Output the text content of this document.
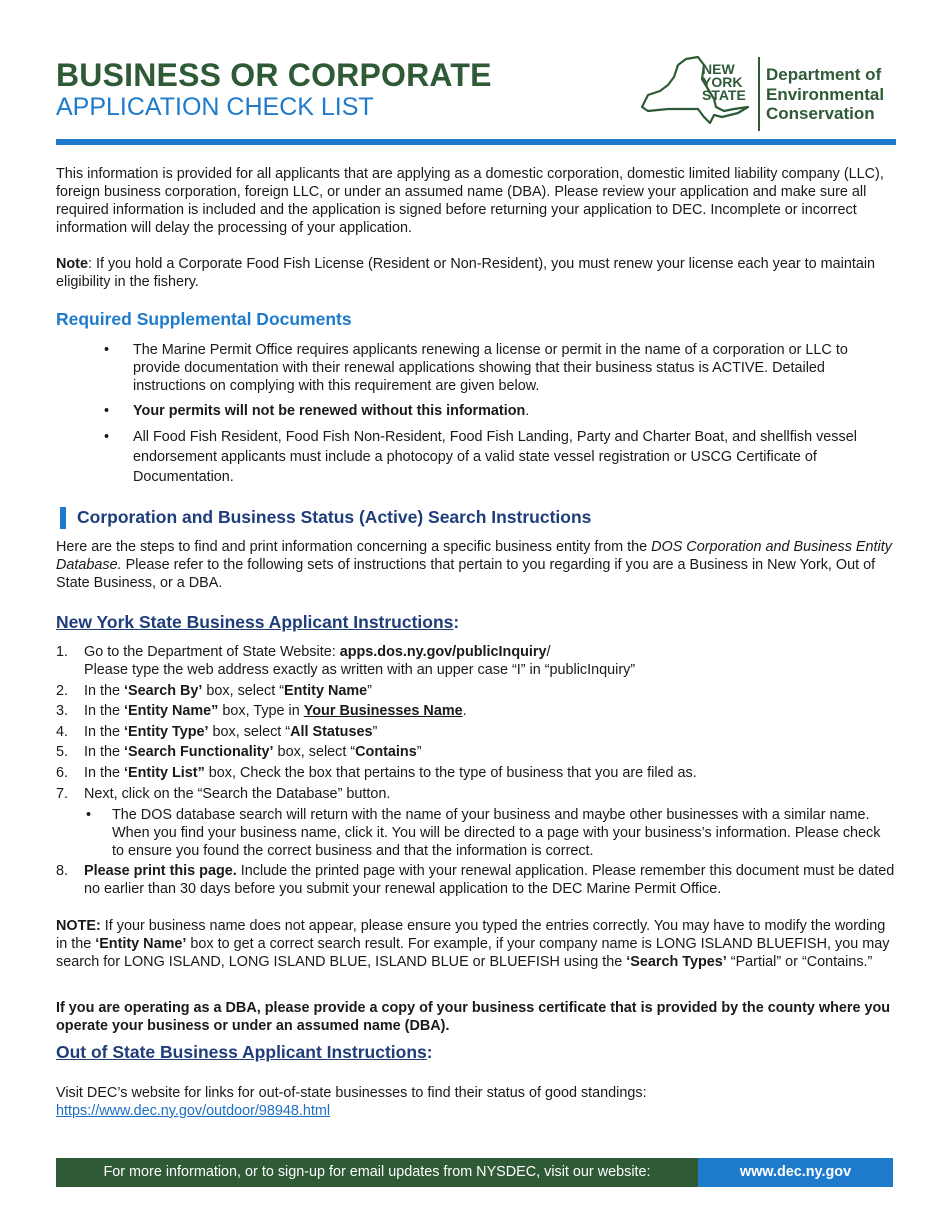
BUSINESS OR CORPORATE
APPLICATION CHECK LIST
NEW
YORK
STATE
Department of
Environmental
Conservation
This information is provided for all applicants that are applying as a domestic corporation, domestic limited liability company (LLC), foreign business corporation, foreign LLC, or under an assumed name (DBA). Please review your application and make sure all required information is included and the application is signed before returning your application to DEC. Incomplete or incorrect information will delay the processing of your application.
Note: If you hold a Corporate Food Fish License (Resident or Non-Resident), you must renew your license each year to maintain eligibility in the fishery.
Required Supplemental Documents
• The Marine Permit Office requires applicants renewing a license or permit in the name of a corporation or LLC to provide documentation with their renewal applications showing that their business status is ACTIVE. Detailed instructions on complying with this requirement are given below.
• Your permits will not be renewed without this information.
• All Food Fish Resident, Food Fish Non-Resident, Food Fish Landing, Party and Charter Boat, and shellfish vessel endorsement applicants must include a photocopy of a valid state vessel registration or USCG Certificate of Documentation.
Corporation and Business Status (Active) Search Instructions
Here are the steps to find and print information concerning a specific business entity from the DOS Corporation and Business Entity Database. Please refer to the following sets of instructions that pertain to you regarding if you are a Business in New York, Out of State Business, or a DBA.
New York State Business Applicant Instructions:
1. Go to the Department of State Website: apps.dos.ny.gov/publicInquiry/
Please type the web address exactly as written with an upper case “I” in “publicInquiry”
2. In the ‘Search By’ box, select “Entity Name”
3. In the ‘Entity Name” box, Type in Your Businesses Name.
4. In the ‘Entity Type’ box, select “All Statuses”
5. In the ‘Search Functionality’ box, select “Contains”
6. In the ‘Entity List” box, Check the box that pertains to the type of business that you are filed as.
7. Next, click on the “Search the Database” button.
• The DOS database search will return with the name of your business and maybe other businesses with a similar name. When you find your business name, click it. You will be directed to a page with your business’s information. Please check to ensure you found the correct business and that the information is correct.
8. Please print this page. Include the printed page with your renewal application. Please remember this document must be dated no earlier than 30 days before you submit your renewal application to the DEC Marine Permit Office.
NOTE: If your business name does not appear, please ensure you typed the entries correctly. You may have to modify the wording in the ‘Entity Name’ box to get a correct search result. For example, if your company name is LONG ISLAND BLUEFISH, you may search for LONG ISLAND, LONG ISLAND BLUE, ISLAND BLUE or BLUEFISH using the ‘Search Types’ “Partial” or “Contains.”
If you are operating as a DBA, please provide a copy of your business certificate that is provided by the county where you operate your business or under an assumed name (DBA).
Out of State Business Applicant Instructions:
Visit DEC’s website for links for out-of-state businesses to find their status of good standings:
https://www.dec.ny.gov/outdoor/98948.html
For more information, or to sign-up for email updates from NYSDEC, visit our website:	www.dec.ny.gov
